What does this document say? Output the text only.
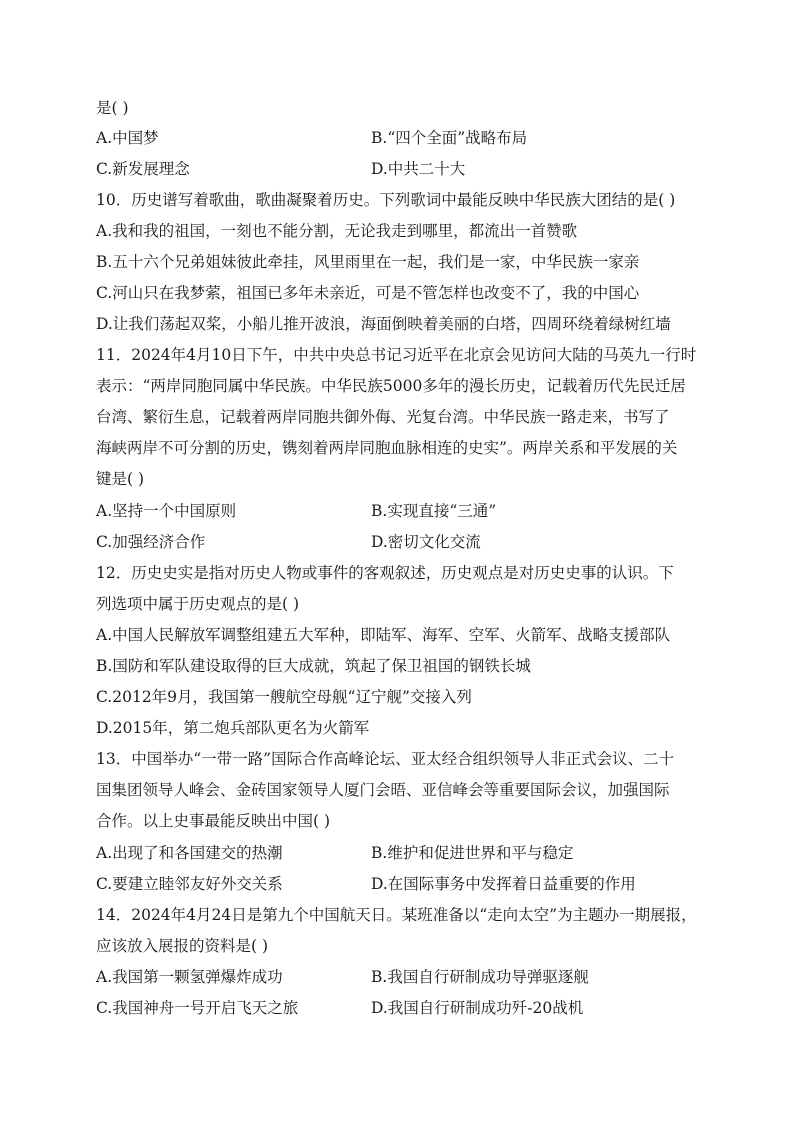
是( )
A.中国梦	B.“四个全面”战略布局
C.新发展理念	D.中共二十大
10．历史谱写着歌曲，歌曲凝聚着历史。下列歌词中最能反映中华民族大团结的是( )
A.我和我的祖国，一刻也不能分割，无论我走到哪里，都流出一首赞歌
B.五十六个兄弟姐妹彼此牵挂，风里雨里在一起，我们是一家，中华民族一家亲
C.河山只在我梦萦，祖国已多年未亲近，可是不管怎样也改变不了，我的中国心
D.让我们荡起双桨，小船儿推开波浪，海面倒映着美丽的白塔，四周环绕着绿树红墙
11．2024年4月10日下午，中共中央总书记习近平在北京会见访问大陆的马英九一行时
表示：“两岸同胞同属中华民族。中华民族5000多年的漫长历史，记载着历代先民迁居
台湾、繁衍生息，记载着两岸同胞共御外侮、光复台湾。中华民族一路走来，书写了
海峡两岸不可分割的历史，镌刻着两岸同胞血脉相连的史实”。两岸关系和平发展的关
键是( )
A.坚持一个中国原则	B.实现直接“三通”
C.加强经济合作	D.密切文化交流
12．历史史实是指对历史人物或事件的客观叙述，历史观点是对历史史事的认识。下
列选项中属于历史观点的是( )
A.中国人民解放军调整组建五大军种，即陆军、海军、空军、火箭军、战略支援部队
B.国防和军队建设取得的巨大成就，筑起了保卫祖国的钢铁长城
C.2012年9月，我国第一艘航空母舰“辽宁舰”交接入列
D.2015年，第二炮兵部队更名为火箭军
13．中国举办“一带一路”国际合作高峰论坛、亚太经合组织领导人非正式会议、二十
国集团领导人峰会、金砖国家领导人厦门会晤、亚信峰会等重要国际会议，加强国际
合作。以上史事最能反映出中国( )
A.出现了和各国建交的热潮	B.维护和促进世界和平与稳定
C.要建立睦邻友好外交关系	D.在国际事务中发挥着日益重要的作用
14．2024年4月24日是第九个中国航天日。某班准备以“走向太空”为主题办一期展报，
应该放入展报的资料是( )
A.我国第一颗氢弹爆炸成功	B.我国自行研制成功导弹驱逐舰
C.我国神舟一号开启飞天之旅	D.我国自行研制成功歼-20战机
